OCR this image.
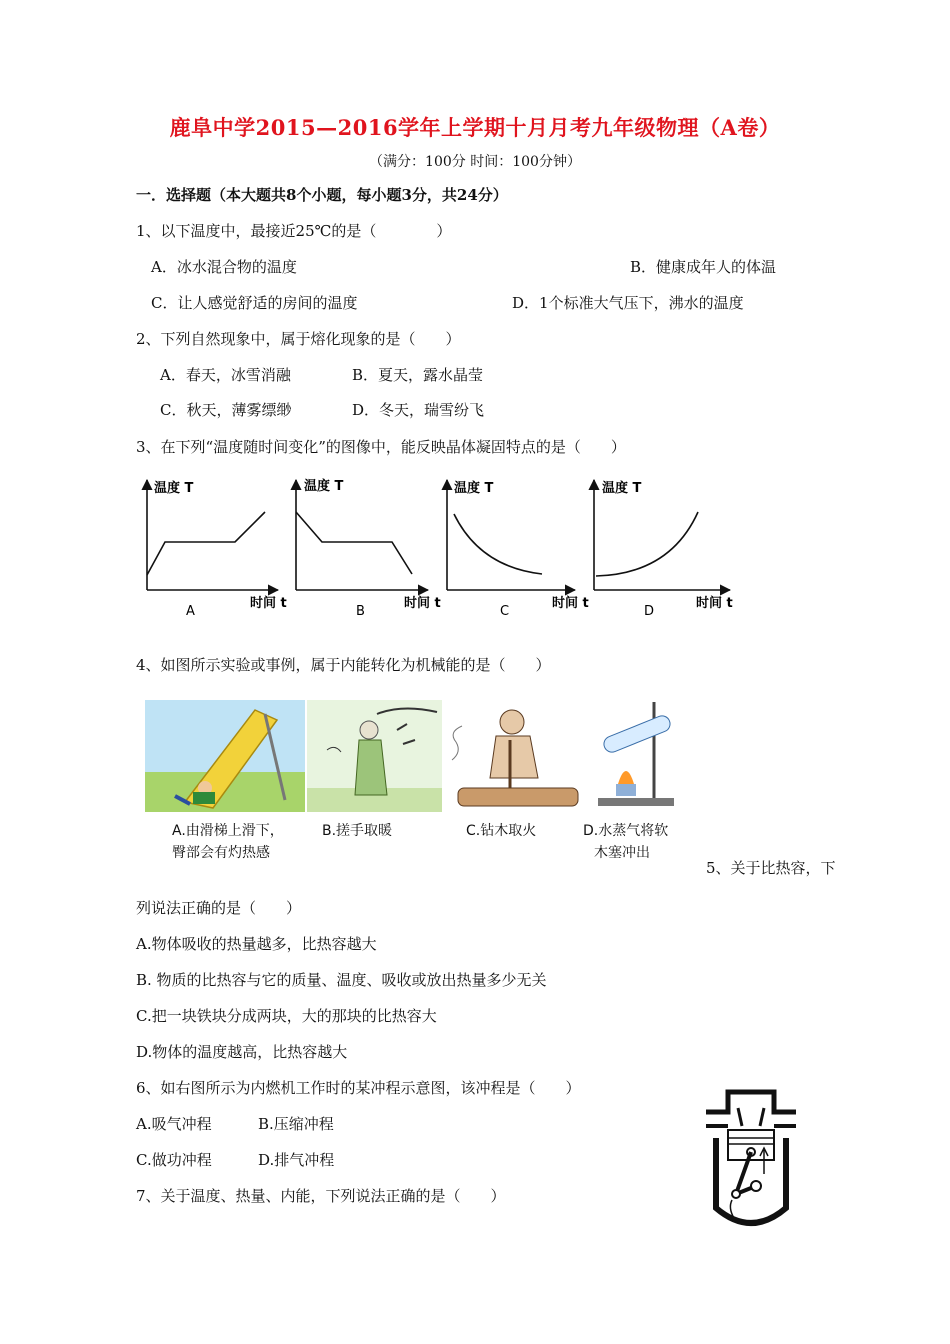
鹿阜中学2015—2016学年上学期十月月考九年级物理（A卷）
（满分：100分 时间：100分钟）
一．选择题（本大题共8个小题，每小题3分，共24分）
1、以下温度中，最接近25℃的是（　　　　）
A．冰水混合物的温度	B．健康成年人的体温
C．让人感觉舒适的房间的温度	D．1个标准大气压下，沸水的温度
2、下列自然现象中，属于熔化现象的是（　　）
A．春天，冰雪消融	B．夏天，露水晶莹
C．秋天，薄雾缥缈	D．冬天，瑞雪纷飞
3、在下列“温度随时间变化”的图像中，能反映晶体凝固特点的是（　　）
温度 T
时间 t
A
温度 T
时间 t
B
温度 T
时间 t
C
温度 T
时间 t
D
4、如图所示实验或事例，属于内能转化为机械能的是（　　）
A.由滑梯上滑下，
臀部会有灼热感
B.搓手取暖	C.钻木取火	D.水蒸气将软
木塞冲出
5、关于比热容，下
列说法正确的是（　　）
A.物体吸收的热量越多，比热容越大
B. 物质的比热容与它的质量、温度、吸收或放出热量多少无关
C.把一块铁块分成两块，大的那块的比热容大
D.物体的温度越高，比热容越大
6、如右图所示为内燃机工作时的某冲程示意图，该冲程是（　　）
A.吸气冲程	B.压缩冲程
C.做功冲程	D.排气冲程
7、关于温度、热量、内能，下列说法正确的是（　　）
